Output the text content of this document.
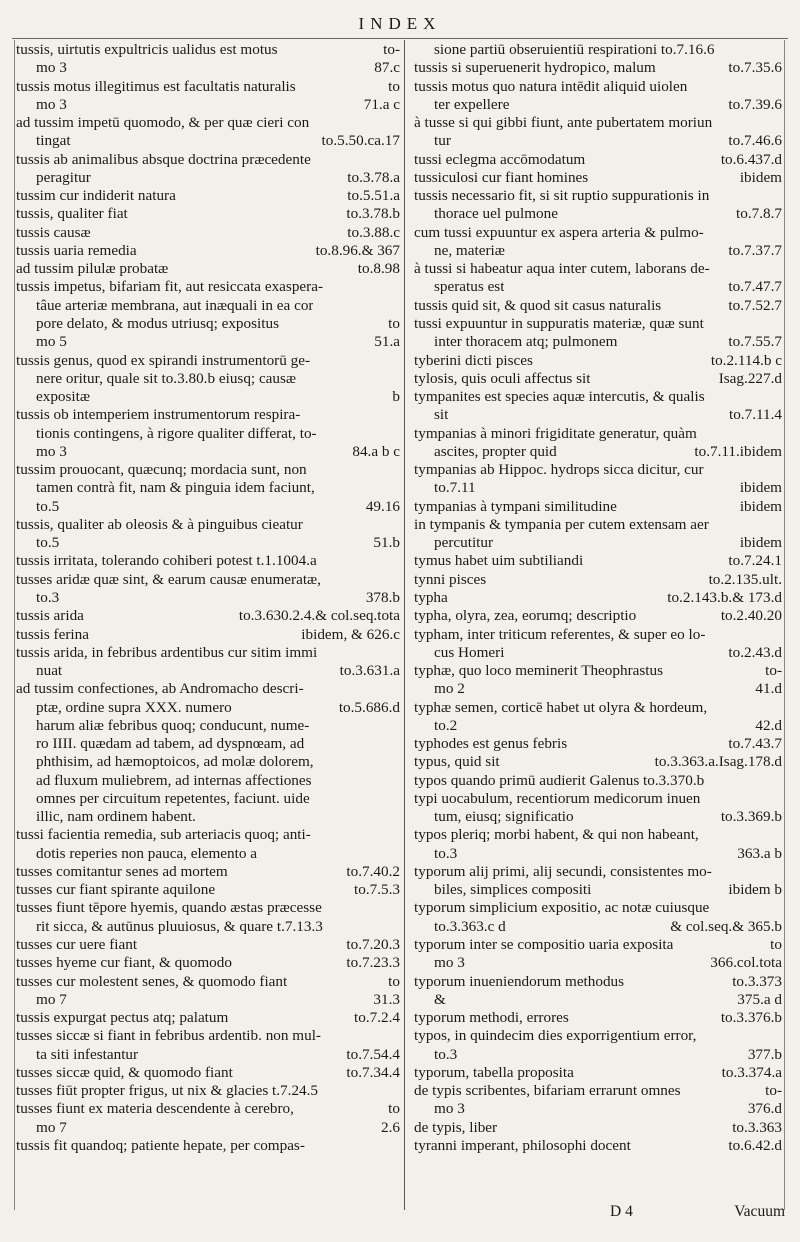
INDEX
tussis, uirtutis expultricis ualidus est motus	to-
mo 3	87.c
tussis motus illegitimus est facultatis naturalis	to
mo 3	71.a c
ad tussim impetū quomodo, & per quæ cieri con
tingat	to.5.50.ca.17
tussis ab animalibus absque doctrina præcedente
peragitur	to.3.78.a
tussim cur indiderit natura	to.5.51.a
tussis, qualiter fiat	to.3.78.b
tussis causæ	to.3.88.c
tussis uaria remedia	to.8.96.& 367
ad tussim pilulæ probatæ	to.8.98
tussis impetus, bifariam fit, aut resiccata exaspera-
tâue arteriæ membrana, aut inæquali in ea cor
pore delato, & modus utriusq; expositus	to
mo 5	51.a
tussis genus, quod ex spirandi instrumentorū ge-
nere oritur, quale sit to.3.80.b eiusq; causæ
expositæ	b
tussis ob intemperiem instrumentorum respira-
tionis contingens, à rigore qualiter differat, to-
mo 3	84.a b c
tussim prouocant, quæcunq; mordacia sunt, non
tamen contrà fit, nam & pinguia idem faciunt,
to.5	49.16
tussis, qualiter ab oleosis & à pinguibus cieatur
to.5	51.b
tussis irritata, tolerando cohiberi potest t.1.1004.a
tusses aridæ quæ sint, & earum causæ enumeratæ,
to.3	378.b
tussis arida	to.3.630.2.4.& col.seq.tota
tussis ferina	ibidem, & 626.c
tussis arida, in febribus ardentibus cur sitim immi
nuat	to.3.631.a
ad tussim confectiones, ab Andromacho descri-
ptæ, ordine supra XXX. numero	to.5.686.d
harum aliæ febribus quoq; conducunt, nume-
ro IIII. quædam ad tabem, ad dyspnœam, ad
phthisim, ad hæmoptoicos, ad molæ dolorem,
ad fluxum muliebrem, ad internas affectiones
omnes per circuitum repetentes, faciunt. uide
illic, nam ordinem habent.
tussi facientia remedia, sub arteriacis quoq; anti-
dotis reperies non pauca, elemento a
tusses comitantur senes ad mortem	to.7.40.2
tusses cur fiant spirante aquilone	to.7.5.3
tusses fiunt tēpore hyemis, quando æstas præcesse
rit sicca, & autūnus pluuiosus, & quare t.7.13.3
tusses cur uere fiant	to.7.20.3
tusses hyeme cur fiant, & quomodo	to.7.23.3
tusses cur molestent senes, & quomodo fiant	to
mo 7	31.3
tussis expurgat pectus atq; palatum	to.7.2.4
tusses siccæ si fiant in febribus ardentib. non mul-
ta siti infestantur	to.7.54.4
tusses siccæ quid, & quomodo fiant	to.7.34.4
tusses fiūt propter frigus, ut nix & glacies t.7.24.5
tusses fiunt ex materia descendente à cerebro,	to
mo 7	2.6
tussis fit quandoq; patiente hepate, per compas-
sione partiū obseruientiū respirationi to.7.16.6
tussis si superuenerit hydropico, malum	to.7.35.6
tussis motus quo natura intēdit aliquid uiolen
ter expellere	to.7.39.6
à tusse si qui gibbi fiunt, ante pubertatem moriun
tur	to.7.46.6
tussi eclegma accōmodatum	to.6.437.d
tussiculosi cur fiant homines	ibidem
tussis necessario fit, si sit ruptio suppurationis in
thorace uel pulmone	to.7.8.7
cum tussi expuuntur ex aspera arteria & pulmo-
ne, materiæ	to.7.37.7
à tussi si habeatur aqua inter cutem, laborans de-
speratus est	to.7.47.7
tussis quid sit, & quod sit casus naturalis	to.7.52.7
tussi expuuntur in suppuratis materiæ, quæ sunt
inter thoracem atq; pulmonem	to.7.55.7
tyberini dicti pisces	to.2.114.b c
tylosis, quis oculi affectus sit	Isag.227.d
tympanites est species aquæ intercutis, & qualis
sit	to.7.11.4
tympanias à minori frigiditate generatur, quàm
ascites, propter quid	to.7.11.ibidem
tympanias ab Hippoc. hydrops sicca dicitur, cur
to.7.11	ibidem
tympanias à tympani similitudine	ibidem
in tympanis & tympania per cutem extensam aer
percutitur	ibidem
tymus habet uim subtiliandi	to.7.24.1
tynni pisces	to.2.135.ult.
typha	to.2.143.b.& 173.d
typha, olyra, zea, eorumq; descriptio	to.2.40.20
typham, inter triticum referentes, & super eo lo-
cus Homeri	to.2.43.d
typhæ, quo loco meminerit Theophrastus	to-
mo 2	41.d
typhæ semen, corticē habet ut olyra & hordeum,
to.2	42.d
typhodes est genus febris	to.7.43.7
typus, quid sit	to.3.363.a.Isag.178.d
typos quando primū audierit Galenus to.3.370.b
typi uocabulum, recentiorum medicorum inuen
tum, eiusq; significatio	to.3.369.b
typos pleriq; morbi habent, & qui non habeant,
to.3	363.a b
typorum alij primi, alij secundi, consistentes mo-
biles, simplices compositi	ibidem b
typorum simplicium expositio, ac notæ cuiusque
to.3.363.c d	& col.seq.& 365.b
typorum inter se compositio uaria exposita	to
mo 3	366.col.tota
typorum inueniendorum methodus	to.3.373
&	375.a d
typorum methodi, errores	to.3.376.b
typos, in quindecim dies exporrigentium error,
to.3	377.b
typorum, tabella proposita	to.3.374.a
de typis scribentes, bifariam errarunt omnes	to-
mo 3	376.d
de typis, liber	to.3.363
tyranni imperant, philosophi docent	to.6.42.d
D 4	Vacuum
